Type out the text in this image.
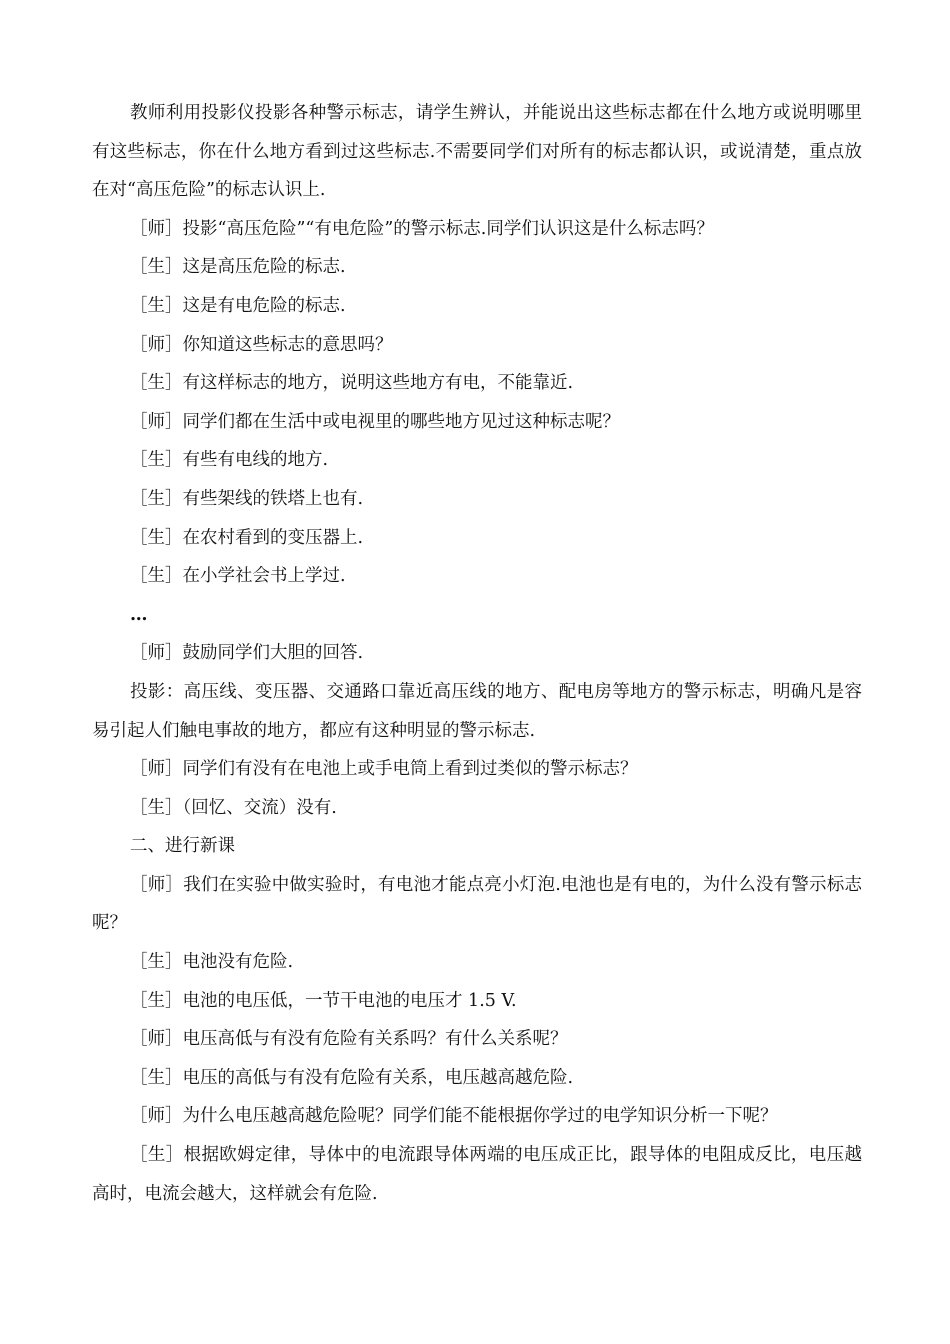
教师利用投影仪投影各种警示标志，请学生辨认，并能说出这些标志都在什么地方或说明哪里有这些标志，你在什么地方看到过这些标志.不需要同学们对所有的标志都认识，或说清楚，重点放在对“高压危险”的标志认识上.

［师］投影“高压危险”“有电危险”的警示标志.同学们认识这是什么标志吗？

［生］这是高压危险的标志.

［生］这是有电危险的标志.

［师］你知道这些标志的意思吗？

［生］有这样标志的地方，说明这些地方有电，不能靠近.

［师］同学们都在生活中或电视里的哪些地方见过这种标志呢？

［生］有些有电线的地方.

［生］有些架线的铁塔上也有.

［生］在农村看到的变压器上.

［生］在小学社会书上学过.

…

［师］鼓励同学们大胆的回答.

投影：高压线、变压器、交通路口靠近高压线的地方、配电房等地方的警示标志，明确凡是容易引起人们触电事故的地方，都应有这种明显的警示标志.

［师］同学们有没有在电池上或手电筒上看到过类似的警示标志？

［生］（回忆、交流）没有.

二、进行新课

［师］我们在实验中做实验时，有电池才能点亮小灯泡.电池也是有电的，为什么没有警示标志呢？

［生］电池没有危险.

［生］电池的电压低，一节干电池的电压才 1.5 V.

［师］电压高低与有没有危险有关系吗？有什么关系呢？

［生］电压的高低与有没有危险有关系，电压越高越危险.

［师］为什么电压越高越危险呢？同学们能不能根据你学过的电学知识分析一下呢？

［生］根据欧姆定律，导体中的电流跟导体两端的电压成正比，跟导体的电阻成反比，电压越高时，电流会越大，这样就会有危险.
